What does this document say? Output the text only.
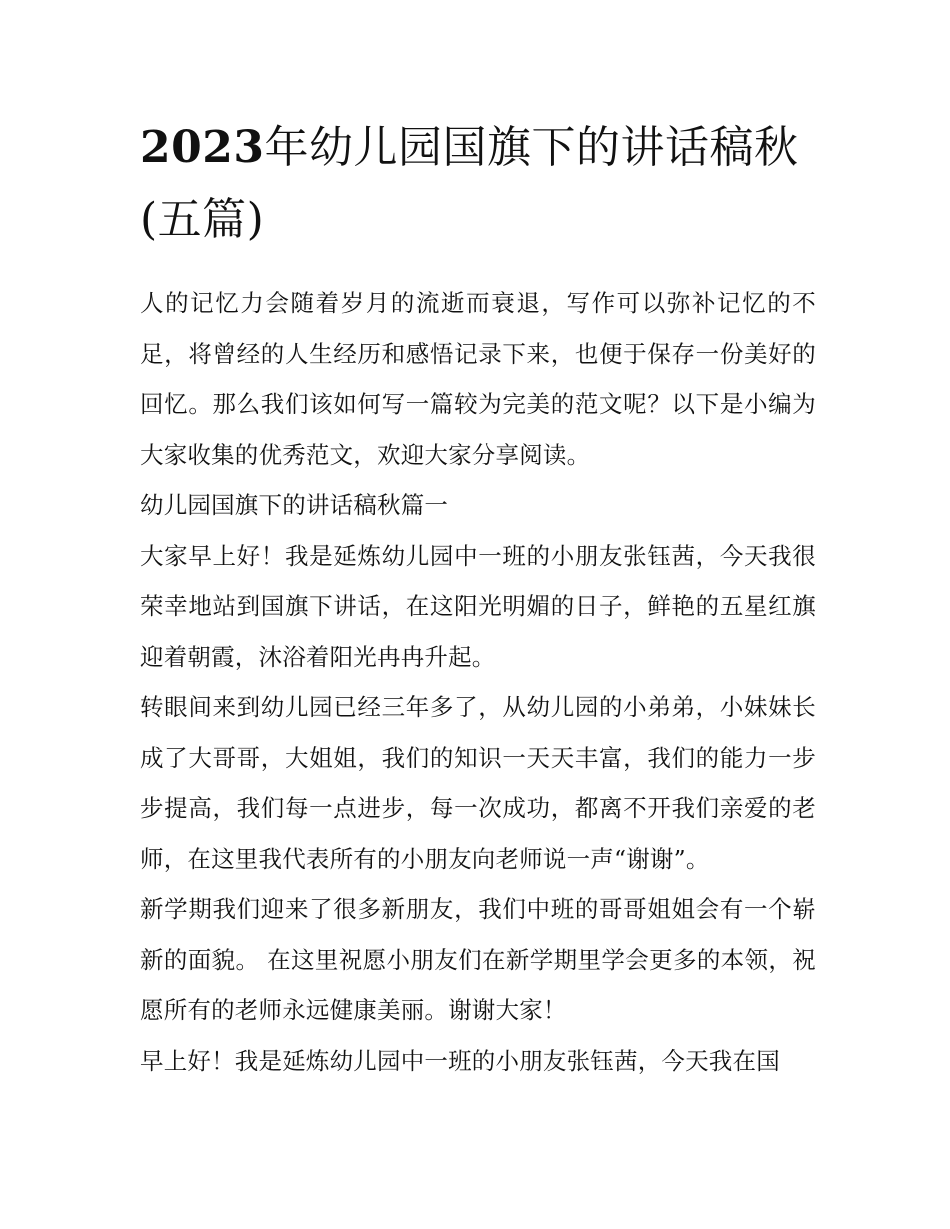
2023年幼儿园国旗下的讲话稿秋(五篇)

人的记忆力会随着岁月的流逝而衰退，写作可以弥补记忆的不足，将曾经的人生经历和感悟记录下来，也便于保存一份美好的回忆。那么我们该如何写一篇较为完美的范文呢？以下是小编为大家收集的优秀范文，欢迎大家分享阅读。

幼儿园国旗下的讲话稿秋篇一

大家早上好！我是延炼幼儿园中一班的小朋友张钰茜，今天我很荣幸地站到国旗下讲话，在这阳光明媚的日子，鲜艳的五星红旗迎着朝霞，沐浴着阳光冉冉升起。

转眼间来到幼儿园已经三年多了，从幼儿园的小弟弟，小妹妹长成了大哥哥，大姐姐，我们的知识一天天丰富，我们的能力一步步提高，我们每一点进步，每一次成功，都离不开我们亲爱的老师，在这里我代表所有的小朋友向老师说一声“谢谢”。

新学期我们迎来了很多新朋友，我们中班的哥哥姐姐会有一个崭新的面貌。 在这里祝愿小朋友们在新学期里学会更多的本领，祝愿所有的老师永远健康美丽。谢谢大家！

早上好！我是延炼幼儿园中一班的小朋友张钰茜，今天我在国
